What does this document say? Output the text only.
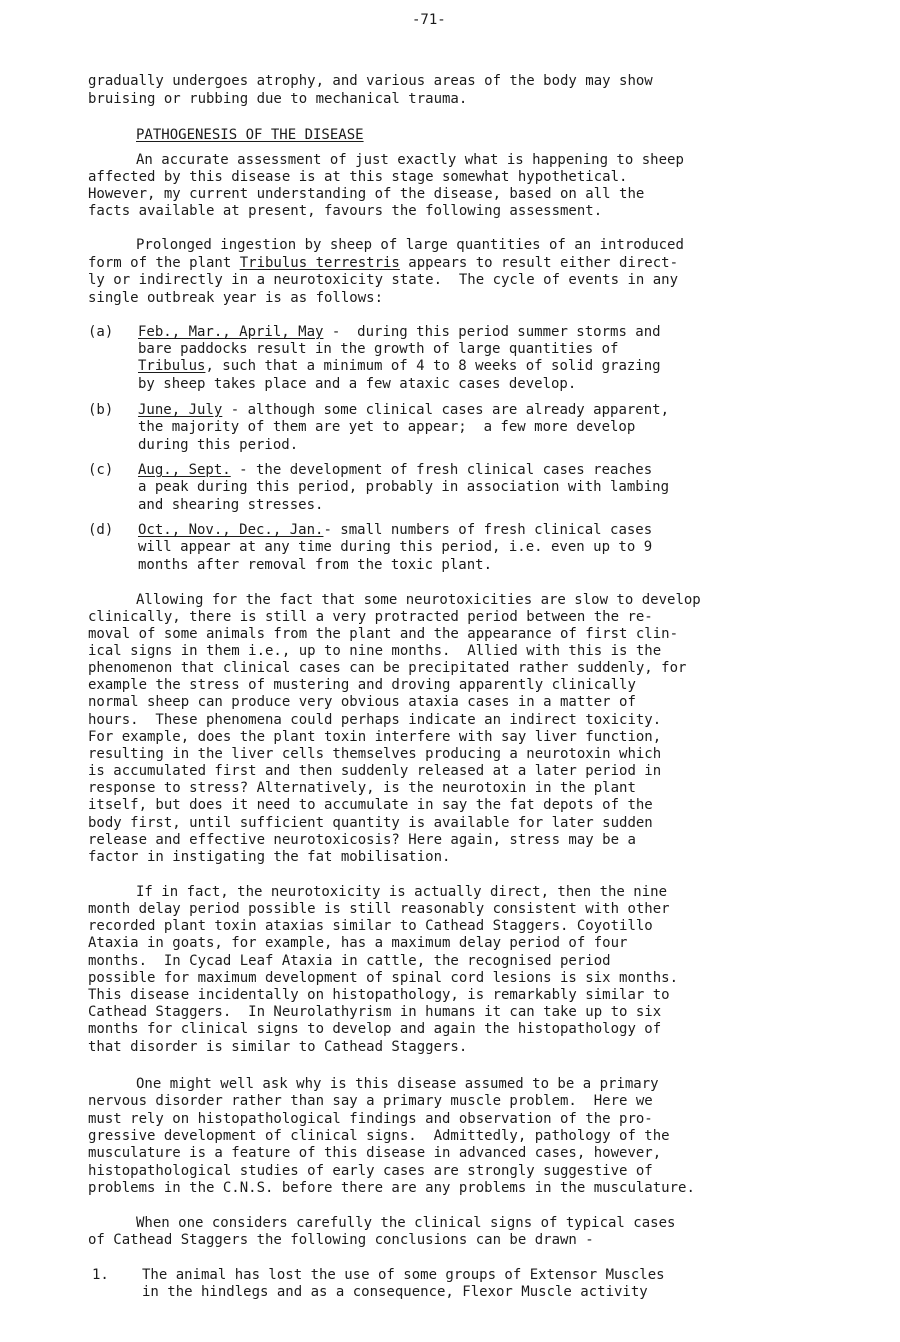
-71-
gradually undergoes atrophy, and various areas of the body may show
bruising or rubbing due to mechanical trauma.
PATHOGENESIS OF THE DISEASE
An accurate assessment of just exactly what is happening to sheep
affected by this disease is at this stage somewhat hypothetical.
However, my current understanding of the disease, based on all the
facts available at present, favours the following assessment.
Prolonged ingestion by sheep of large quantities of an introduced
form of the plant Tribulus terrestris appears to result either direct-
ly or indirectly in a neurotoxicity state.  The cycle of events in any
single outbreak year is as follows:
(a) Feb., Mar., April, May -  during this period summer storms and
bare paddocks result in the growth of large quantities of
Tribulus, such that a minimum of 4 to 8 weeks of solid grazing
by sheep takes place and a few ataxic cases develop.
(b) June, July - although some clinical cases are already apparent,
the majority of them are yet to appear;  a few more develop
during this period.
(c) Aug., Sept. - the development of fresh clinical cases reaches
a peak during this period, probably in association with lambing
and shearing stresses.
(d) Oct., Nov., Dec., Jan.- small numbers of fresh clinical cases
will appear at any time during this period, i.e. even up to 9
months after removal from the toxic plant.
Allowing for the fact that some neurotoxicities are slow to develop
clinically, there is still a very protracted period between the re-
moval of some animals from the plant and the appearance of first clin-
ical signs in them i.e., up to nine months.  Allied with this is the
phenomenon that clinical cases can be precipitated rather suddenly, for
example the stress of mustering and droving apparently clinically
normal sheep can produce very obvious ataxia cases in a matter of
hours.  These phenomena could perhaps indicate an indirect toxicity.
For example, does the plant toxin interfere with say liver function,
resulting in the liver cells themselves producing a neurotoxin which
is accumulated first and then suddenly released at a later period in
response to stress? Alternatively, is the neurotoxin in the plant
itself, but does it need to accumulate in say the fat depots of the
body first, until sufficient quantity is available for later sudden
release and effective neurotoxicosis? Here again, stress may be a
factor in instigating the fat mobilisation.
If in fact, the neurotoxicity is actually direct, then the nine
month delay period possible is still reasonably consistent with other
recorded plant toxin ataxias similar to Cathead Staggers. Coyotillo
Ataxia in goats, for example, has a maximum delay period of four
months.  In Cycad Leaf Ataxia in cattle, the recognised period
possible for maximum development of spinal cord lesions is six months.
This disease incidentally on histopathology, is remarkably similar to
Cathead Staggers.  In Neurolathyrism in humans it can take up to six
months for clinical signs to develop and again the histopathology of
that disorder is similar to Cathead Staggers.
One might well ask why is this disease assumed to be a primary
nervous disorder rather than say a primary muscle problem.  Here we
must rely on histopathological findings and observation of the pro-
gressive development of clinical signs.  Admittedly, pathology of the
musculature is a feature of this disease in advanced cases, however,
histopathological studies of early cases are strongly suggestive of
problems in the C.N.S. before there are any problems in the musculature.
When one considers carefully the clinical signs of typical cases
of Cathead Staggers the following conclusions can be drawn -
1. The animal has lost the use of some groups of Extensor Muscles
in the hindlegs and as a consequence, Flexor Muscle activity
